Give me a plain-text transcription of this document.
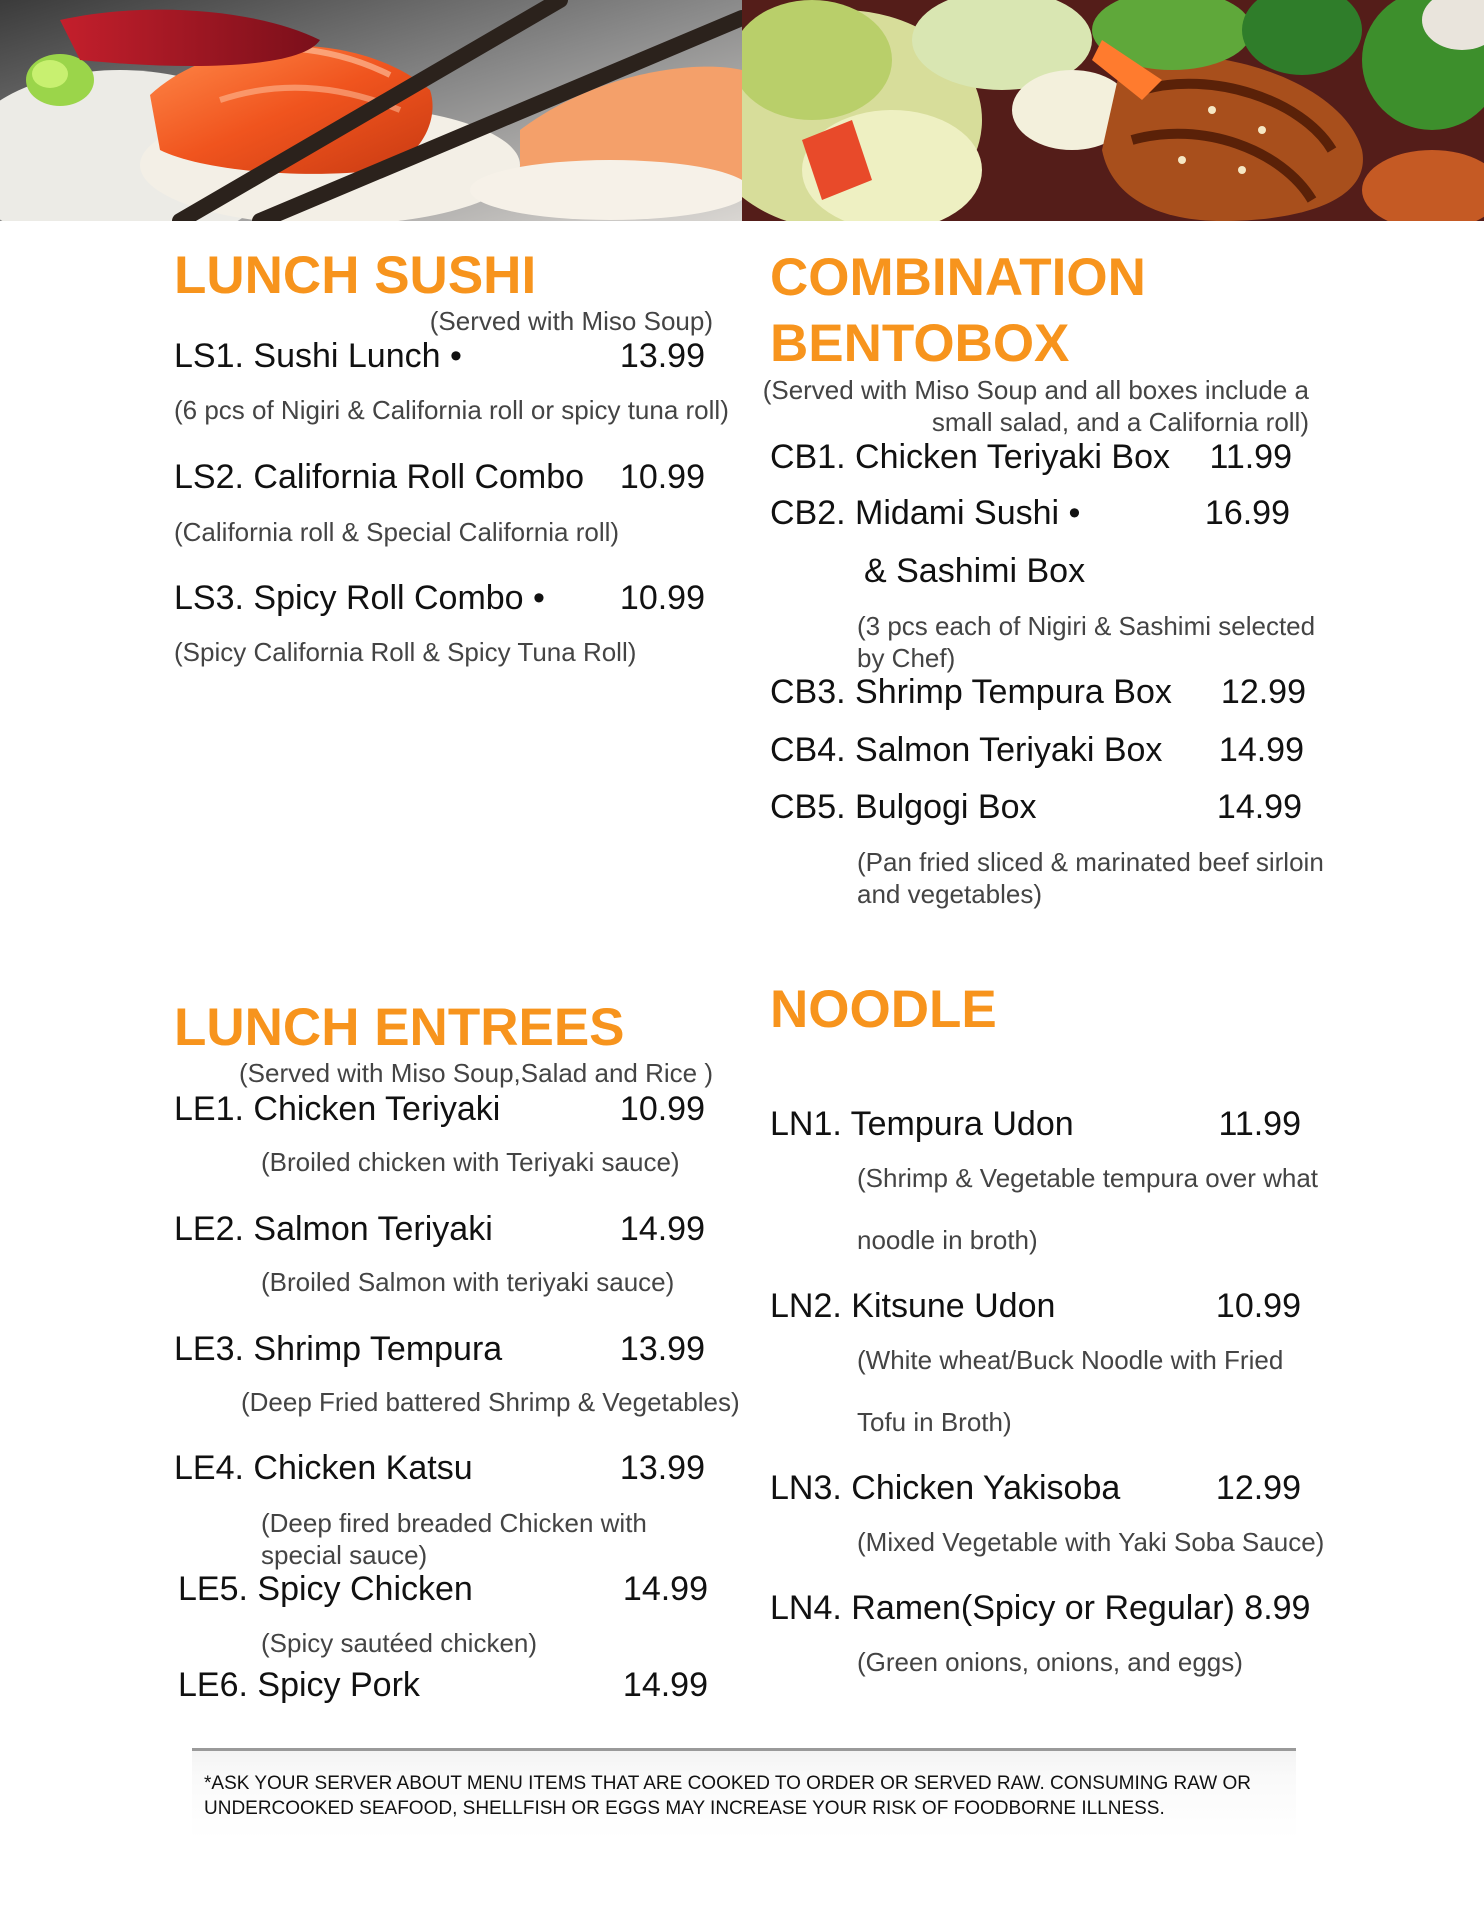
LUNCH SUSHI
(Served with Miso Soup)
LS1. Sushi Lunch •	13.99
(6 pcs of Nigiri & California roll or spicy tuna roll)
LS2. California Roll Combo 10.99
(California roll & Special California roll)
LS3. Spicy Roll Combo • 10.99
(Spicy California Roll & Spicy Tuna Roll)
COMBINATION
BENTOBOX
(Served with Miso Soup and all boxes include a
small salad, and a California roll)
CB1. Chicken Teriyaki Box 11.99
CB2. Midami Sushi •	16.99
& Sashimi Box
(3 pcs each of Nigiri & Sashimi selected
by Chef)
CB3. Shrimp Tempura Box 12.99
CB4. Salmon Teriyaki Box 14.99
CB5. Bulgogi Box	14.99
(Pan fried sliced & marinated beef sirloin
and vegetables)
LUNCH ENTREES
(Served with Miso Soup,Salad and Rice )
LE1. Chicken Teriyaki	10.99
(Broiled chicken with Teriyaki sauce)
LE2. Salmon Teriyaki	14.99
(Broiled Salmon with teriyaki sauce)
LE3. Shrimp Tempura	13.99
(Deep Fried battered Shrimp & Vegetables)
LE4. Chicken Katsu	13.99
(Deep fired breaded Chicken with
special sauce)
LE5. Spicy Chicken	14.99
(Spicy sautéed chicken)
LE6. Spicy Pork	14.99
NOODLE
LN1. Tempura Udon	11.99
(Shrimp & Vegetable tempura over what
noodle in broth)
LN2. Kitsune Udon	10.99
(White wheat/Buck Noodle with Fried
Tofu in Broth)
LN3. Chicken Yakisoba	12.99
(Mixed Vegetable with Yaki Soba Sauce)
LN4. Ramen(Spicy or Regular) 8.99
(Green onions, onions, and eggs)
*ASK YOUR SERVER ABOUT MENU ITEMS THAT ARE COOKED TO ORDER OR SERVED RAW. CONSUMING RAW OR UNDERCOOKED SEAFOOD, SHELLFISH OR EGGS MAY INCREASE YOUR RISK OF FOODBORNE ILLNESS.
